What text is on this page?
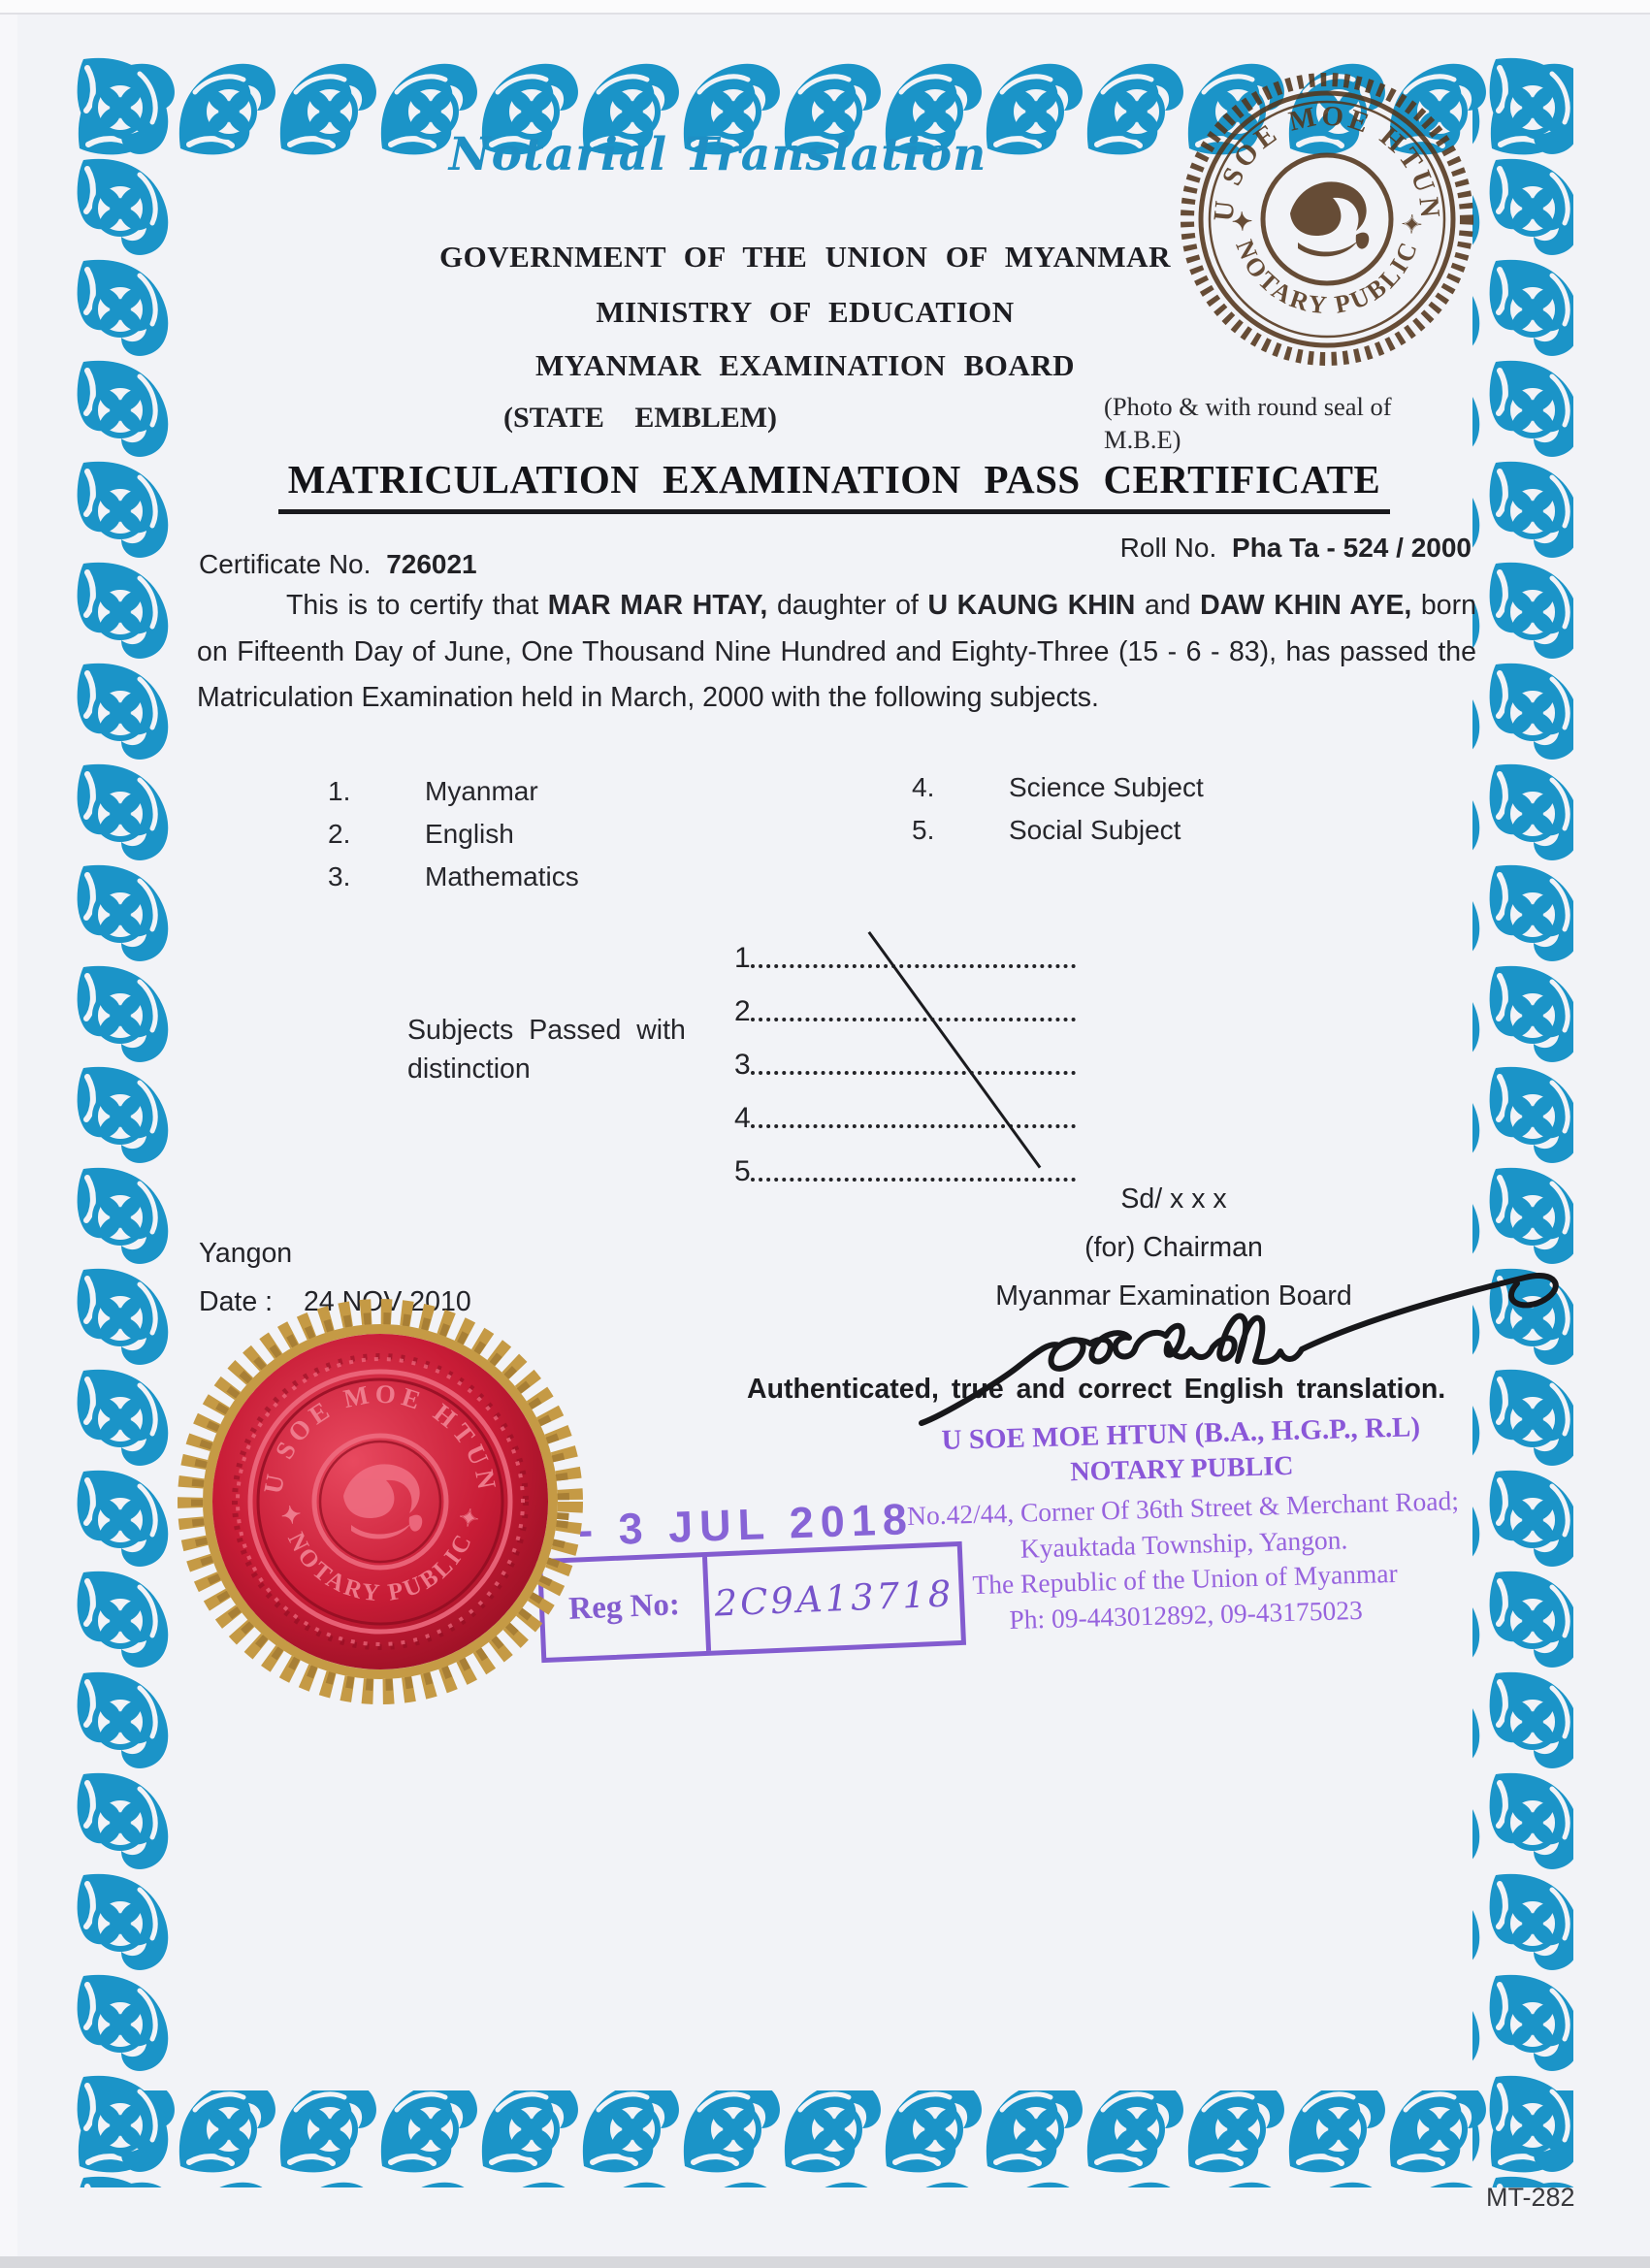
Notarial Translation
U SOE MOE HTUN
✦ NOTARY PUBLIC ✦
GOVERNMENT OF THE UNION OF MYANMAR
MINISTRY OF EDUCATION
MYANMAR EXAMINATION BOARD
(STATE EMBLEM)	(Photo & with round seal of
M.B.E)
MATRICULATION EXAMINATION PASS CERTIFICATE
Certificate No. 726021
Roll No. Pha Ta - 524 / 2000
This is to certify that MAR MAR HTAY, daughter of U KAUNG KHIN and DAW KHIN AYE, born on Fifteenth Day of June, One Thousand Nine Hundred and Eighty-Three (15 - 6 - 83), has passed the Matriculation Examination held in March, 2000 with the following subjects.
1.	Myanmar
2.	English
3.	Mathematics
4.	Science Subject
5.	Social Subject
Subjects Passed with
distinction
1
2
3
4
5
Sd/ x x x
(for) Chairman
Myanmar Examination Board
Yangon
Date : 24 NOV 2010
Authenticated, true and correct English translation.
U SOE MOE HTUN (B.A., H.G.P., R.L)
NOTARY PUBLIC
No.42/44, Corner Of 36th Street & Merchant Road;
Kyauktada Township, Yangon.
The Republic of the Union of Myanmar
Ph: 09-443012892, 09-43175023
- 3 JUL 2018
Reg No: 2C9A13718
U SOE MOE HTUN
✦ NOTARY PUBLIC ✦
MT-282
